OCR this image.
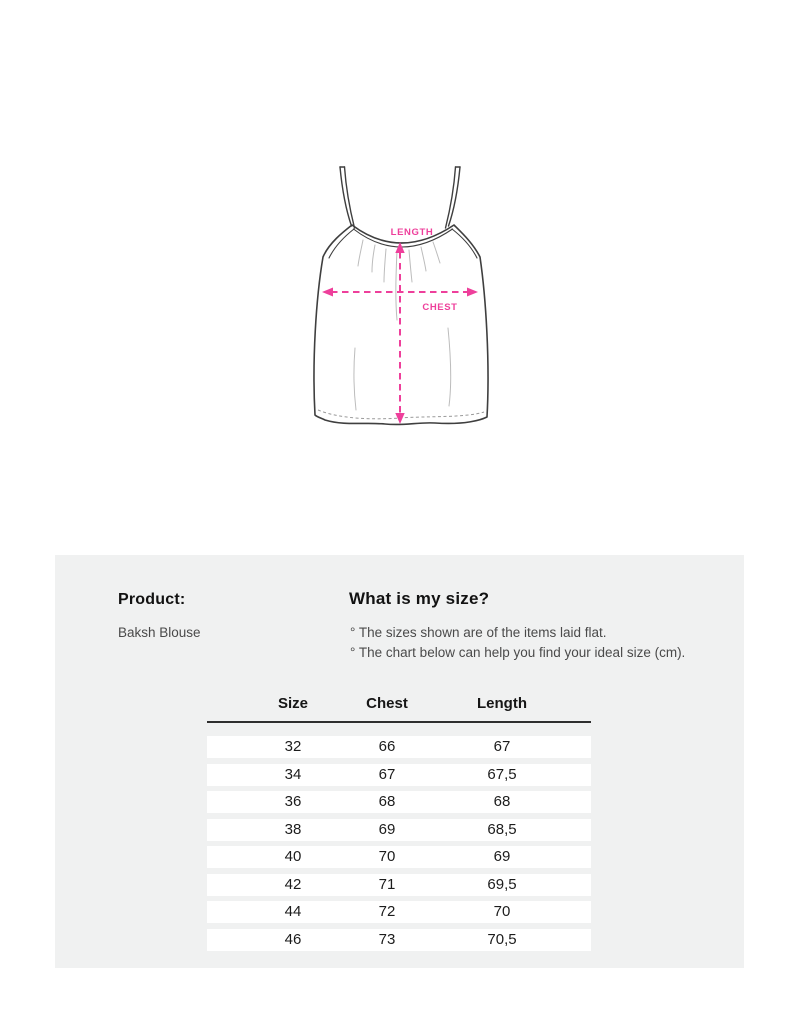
LENGTH
CHEST
Product:
Baksh Blouse
What is my size?
° The sizes shown are of the items laid flat.
° The chart below can help you find your ideal size (cm).
Size	Chest	Length
32	66	67
34	67	67,5
36	68	68
38	69	68,5
40	70	69
42	71	69,5
44	72	70
46	73	70,5
